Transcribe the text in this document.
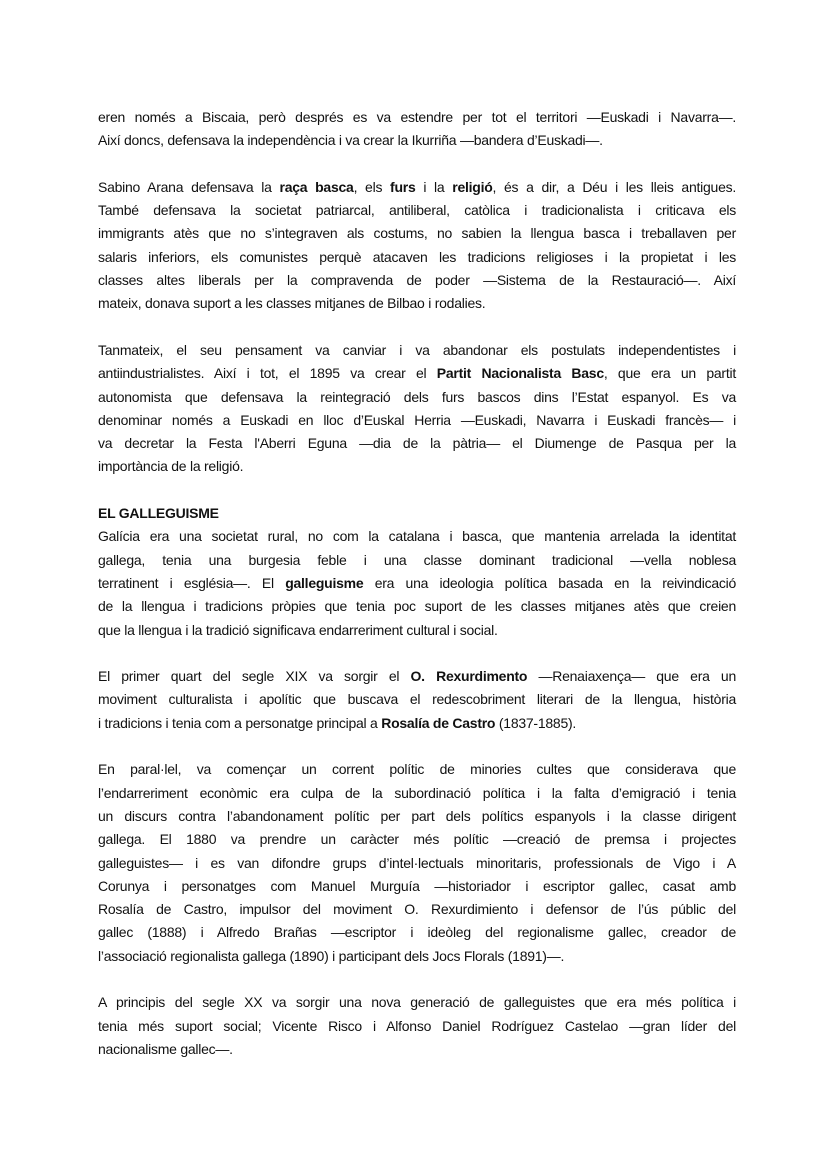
eren només a Biscaia, però després es va estendre per tot el territori —Euskadi i Navarra—.
Així doncs, defensava la independència i va crear la Ikurriña —bandera d’Euskadi—.
Sabino Arana defensava la raça basca, els furs i la religió, és a dir, a Déu i les lleis antigues.
També defensava la societat patriarcal, antiliberal, catòlica i tradicionalista i criticava els
immigrants atès que no s’integraven als costums, no sabien la llengua basca i treballaven per
salaris inferiors, els comunistes perquè atacaven les tradicions religioses i la propietat i les
classes altes liberals per la compravenda de poder —Sistema de la Restauració—. Així
mateix, donava suport a les classes mitjanes de Bilbao i rodalies.
Tanmateix, el seu pensament va canviar i va abandonar els postulats independentistes i
antiindustrialistes. Així i tot, el 1895 va crear el Partit Nacionalista Basc, que era un partit
autonomista que defensava la reintegració dels furs bascos dins l’Estat espanyol. Es va
denominar només a Euskadi en lloc d’Euskal Herria —Euskadi, Navarra i Euskadi francès— i
va decretar la Festa l'Aberri Eguna —dia de la pàtria— el Diumenge de Pasqua per la
importància de la religió.
EL GALLEGUISME
Galícia era una societat rural, no com la catalana i basca, que mantenia arrelada la identitat
gallega, tenia una burgesia feble i una classe dominant tradicional —vella noblesa
terratinent i església—. El galleguisme era una ideologia política basada en la reivindicació
de la llengua i tradicions pròpies que tenia poc suport de les classes mitjanes atès que creien
que la llengua i la tradició significava endarreriment cultural i social.
El primer quart del segle XIX va sorgir el O. Rexurdimento —Renaiaxença— que era un
moviment culturalista i apolític que buscava el redescobriment literari de la llengua, història
i tradicions i tenia com a personatge principal a Rosalía de Castro (1837-1885).
En paral·lel, va començar un corrent polític de minories cultes que considerava que
l’endarreriment econòmic era culpa de la subordinació política i la falta d’emigració i tenia
un discurs contra l’abandonament polític per part dels polítics espanyols i la classe dirigent
gallega. El 1880 va prendre un caràcter més polític —creació de premsa i projectes
galleguistes— i es van difondre grups d’intel·lectuals minoritaris, professionals de Vigo i A
Corunya i personatges com Manuel Murguía —historiador i escriptor gallec, casat amb
Rosalía de Castro, impulsor del moviment O. Rexurdimiento i defensor de l’ús públic del
gallec (1888) i Alfredo Brañas —escriptor i ideòleg del regionalisme gallec, creador de
l’associació regionalista gallega (1890) i participant dels Jocs Florals (1891)—.
A principis del segle XX va sorgir una nova generació de galleguistes que era més política i
tenia més suport social; Vicente Risco i Alfonso Daniel Rodríguez Castelao —gran líder del
nacionalisme gallec—.
